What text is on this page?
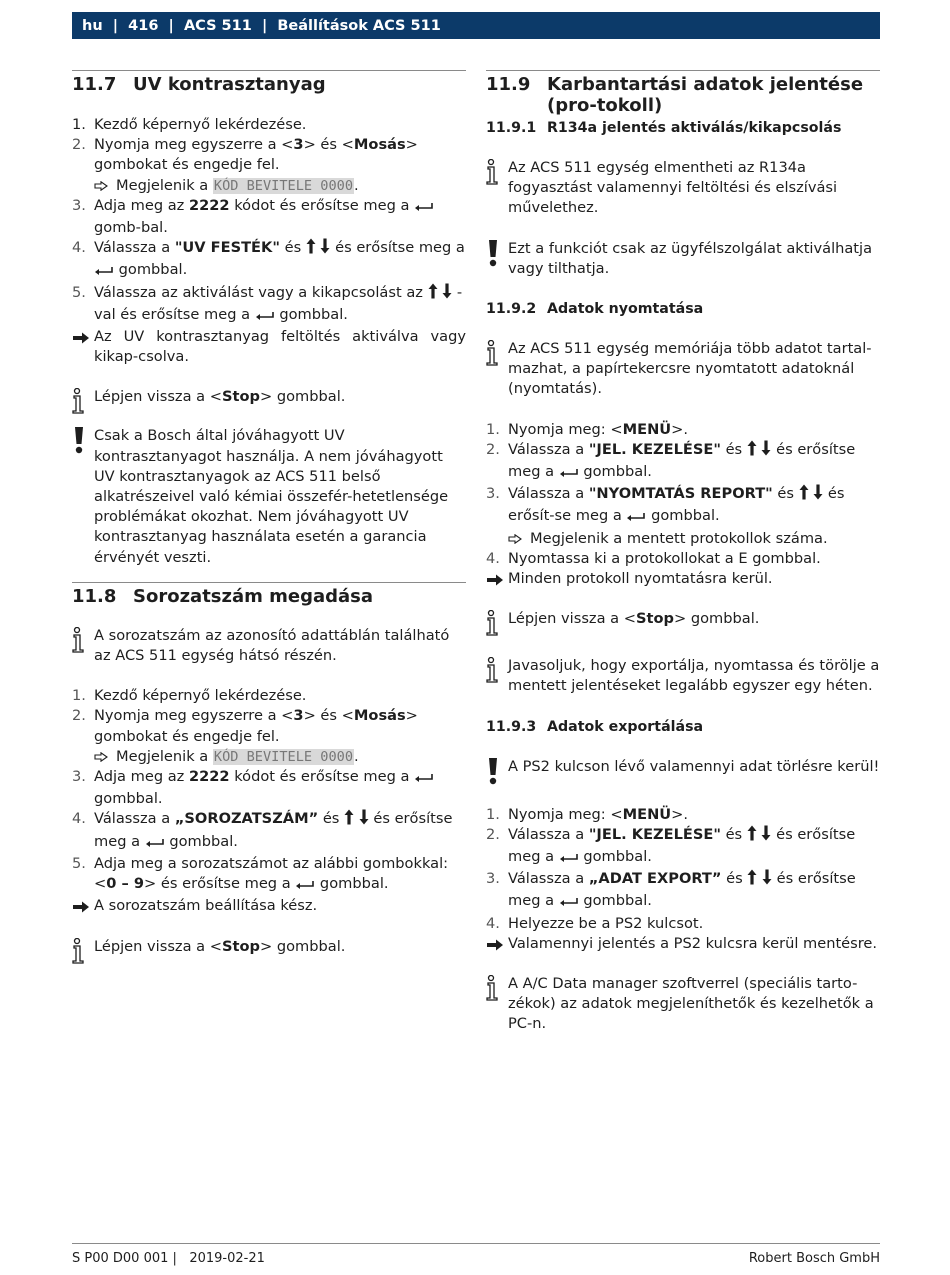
hu | 416 | ACS 511 | Beállítások ACS 511
11.7 UV kontrasztanyag
1. Kezdő képernyő lekérdezése.
2. Nyomja meg egyszerre a <3> és <Mosás> gombokat és engedje fel.
Megjelenik a KÓD BEVITELE 0000.
3. Adja meg az 2222 kódot és erősítse meg a  gomb-bal.
4. Válassza a "UV FESTÉK" és   és erősítse meg a  gombbal.
5. Válassza az aktiválást vagy a kikapcsolást az   - val és erősítse meg a  gombbal.
Az UV kontrasztanyag feltöltés aktiválva vagy kikap-csolva.
Lépjen vissza a <Stop> gombbal.
Csak a Bosch által jóváhagyott UV kontrasztanyagot használja. A nem jóváhagyott UV kontrasztanyagok az ACS 511 belső alkatrészeivel való kémiai összefér-hetetlensége problémákat okozhat. Nem jóváhagyott UV kontrasztanyag használata esetén a garancia érvényét veszti.
11.8 Sorozatszám megadása
A sorozatszám az azonosító adattáblán található az ACS 511 egység hátsó részén.
1. Kezdő képernyő lekérdezése.
2. Nyomja meg egyszerre a <3> és <Mosás> gombokat és engedje fel.
Megjelenik a KÓD BEVITELE 0000.
3. Adja meg az 2222 kódot és erősítse meg a  gombbal.
4. Válassza a „SOROZATSZÁM” és   és erősítse meg a  gombbal.
5. Adja meg a sorozatszámot az alábbi gombokkal: <0 – 9> és erősítse meg a  gombbal.
A sorozatszám beállítása kész.
Lépjen vissza a <Stop> gombbal.
11.9 Karbantartási adatok jelentése (pro-tokoll)
11.9.1 R134a jelentés aktiválás/kikapcsolás
Az ACS 511 egység elmentheti az R134a fogyasztást valamennyi feltöltési és elszívási művelethez.
Ezt a funkciót csak az ügyfélszolgálat aktiválhatja vagy tilthatja.
11.9.2 Adatok nyomtatása
Az ACS 511 egység memóriája több adatot tartal-mazhat, a papírtekercsre nyomtatott adatoknál (nyomtatás).
1. Nyomja meg: <MENÜ>.
2. Válassza a "JEL. KEZELÉSE" és   és erősítse meg a  gombbal.
3. Válassza a "NYOMTATÁS REPORT" és   és erősít-se meg a  gombbal.
Megjelenik a mentett protokollok száma.
4. Nyomtassa ki a protokollokat a E gombbal.
Minden protokoll nyomtatásra kerül.
Lépjen vissza a <Stop> gombbal.
Javasoljuk, hogy exportálja, nyomtassa és törölje a mentett jelentéseket legalább egyszer egy héten.
11.9.3 Adatok exportálása
A PS2 kulcson lévő valamennyi adat törlésre kerül!
1. Nyomja meg: <MENÜ>.
2. Válassza a "JEL. KEZELÉSE" és   és erősítse meg a  gombbal.
3. Válassza a „ADAT EXPORT” és   és erősítse meg a  gombbal.
4. Helyezze be a PS2 kulcsot.
Valamennyi jelentés a PS2 kulcsra kerül mentésre.
A A/C Data manager szoftverrel (speciális tarto-zékok) az adatok megjeleníthetők és kezelhetők a PC-n.
S P00 D00 001 |   2019-02-21	Robert Bosch GmbH
